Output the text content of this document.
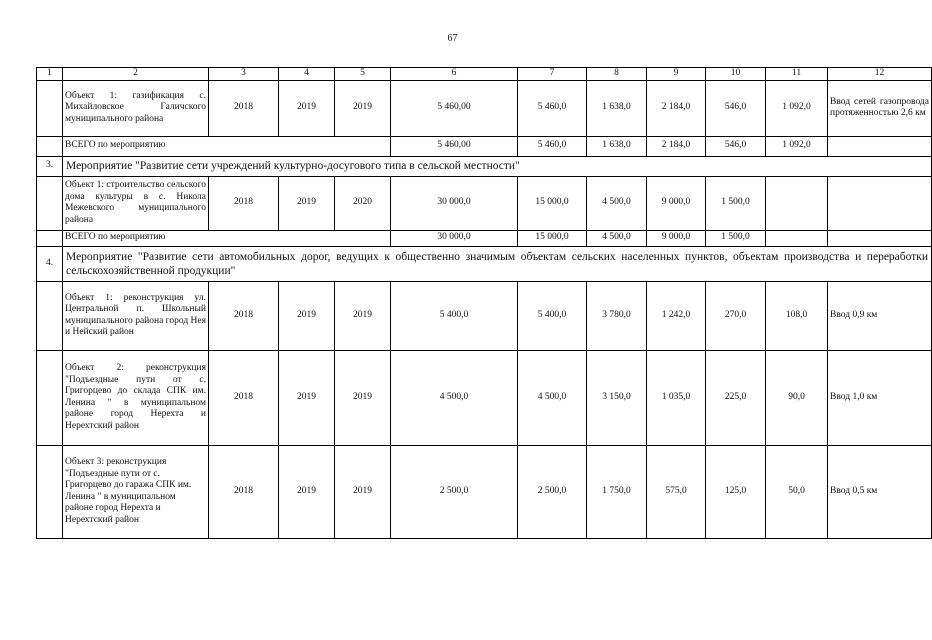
67
1	2	3	4	5	6	7	8	9	10	11	12
	Объект 1: газификация с. Михайловское Галичского муниципального района	2018	2019	2019	5 460,00	5 460,0	1 638,0	2 184,0	546,0	1 092,0	Ввод сетей газопровода протяженностью 2,6 км
	ВСЕГО по мероприятию				5 460,00	5 460,0	1 638,0	2 184,0	546,0	1 092,0	
3.	Мероприятие "Развитие сети учреждений культурно-досугового типа в сельской местности"										
	Объект 1: строительство сельского дома культуры в с. Никола Межевского муниципального района	2018	2019	2020	30 000,0	15 000,0	4 500,0	9 000,0	1 500,0		
	ВСЕГО по мероприятию				30 000,0	15 000,0	4 500,0	9 000,0	1 500,0		
4.	Мероприятие "Развитие сети автомобильных дорог, ведущих к общественно значимым объектам сельских населенных пунктов, объектам производства и переработки сельскохозяйственной продукции"										
	Объект 1: реконструкция ул. Центральной п. Школьный муниципального района город Нея и Нейский район	2018	2019	2019	5 400,0	5 400,0	3 780,0	1 242,0	270,0	108,0	Ввод 0,9 км
	Объект 2: реконструкция "Подъездные пути от с. Григорцево до склада СПК им. Ленина " в муниципальном районе город Нерехта и Нерехтский район	2018	2019	2019	4 500,0	4 500,0	3 150,0	1 035,0	225,0	90,0	Ввод 1,0 км
	Объект 3: реконструкция "Подъездные пути от с. Григорцево до гаража СПК им. Ленина " в муниципальном районе город Нерехта и Нерехтский район	2018	2019	2019	2 500,0	2 500,0	1 750,0	575,0	125,0	50,0	Ввод 0,5 км
